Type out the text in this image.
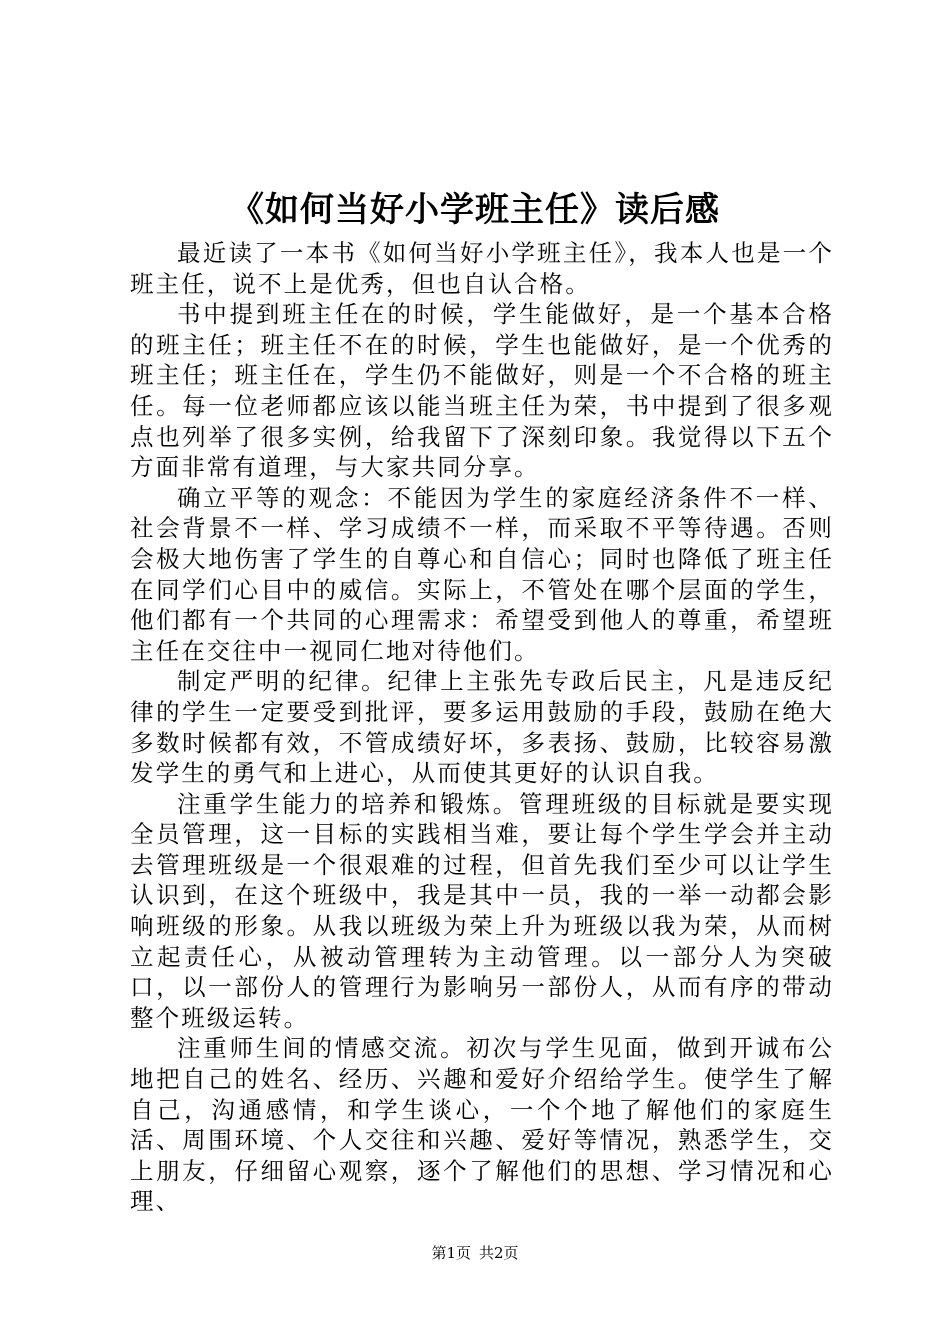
《如何当好小学班主任》读后感

最近读了一本书《如何当好小学班主任》，我本人也是一个班主任，说不上是优秀，但也自认合格。

书中提到班主任在的时候，学生能做好，是一个基本合格的班主任；班主任不在的时候，学生也能做好，是一个优秀的班主任；班主任在，学生仍不能做好，则是一个不合格的班主任。每一位老师都应该以能当班主任为荣，书中提到了很多观点也列举了很多实例，给我留下了深刻印象。我觉得以下五个方面非常有道理，与大家共同分享。

确立平等的观念：不能因为学生的家庭经济条件不一样、社会背景不一样、学习成绩不一样，而采取不平等待遇。否则会极大地伤害了学生的自尊心和自信心；同时也降低了班主任在同学们心目中的威信。实际上，不管处在哪个层面的学生，他们都有一个共同的心理需求：希望受到他人的尊重，希望班主任在交往中一视同仁地对待他们。

制定严明的纪律。纪律上主张先专政后民主，凡是违反纪律的学生一定要受到批评，要多运用鼓励的手段，鼓励在绝大多数时候都有效，不管成绩好坏，多表扬、鼓励，比较容易激发学生的勇气和上进心，从而使其更好的认识自我。

注重学生能力的培养和锻炼。管理班级的目标就是要实现全员管理，这一目标的实践相当难，要让每个学生学会并主动去管理班级是一个很艰难的过程，但首先我们至少可以让学生认识到，在这个班级中，我是其中一员，我的一举一动都会影响班级的形象。从我以班级为荣上升为班级以我为荣，从而树立起责任心，从被动管理转为主动管理。以一部分人为突破口，以一部份人的管理行为影响另一部份人，从而有序的带动整个班级运转。

注重师生间的情感交流。初次与学生见面，做到开诚布公地把自己的姓名、经历、兴趣和爱好介绍给学生。使学生了解自己，沟通感情，和学生谈心，一个个地了解他们的家庭生活、周围环境、个人交往和兴趣、爱好等情况，熟悉学生，交上朋友，仔细留心观察，逐个了解他们的思想、学习情况和心理、

第1页 共2页
